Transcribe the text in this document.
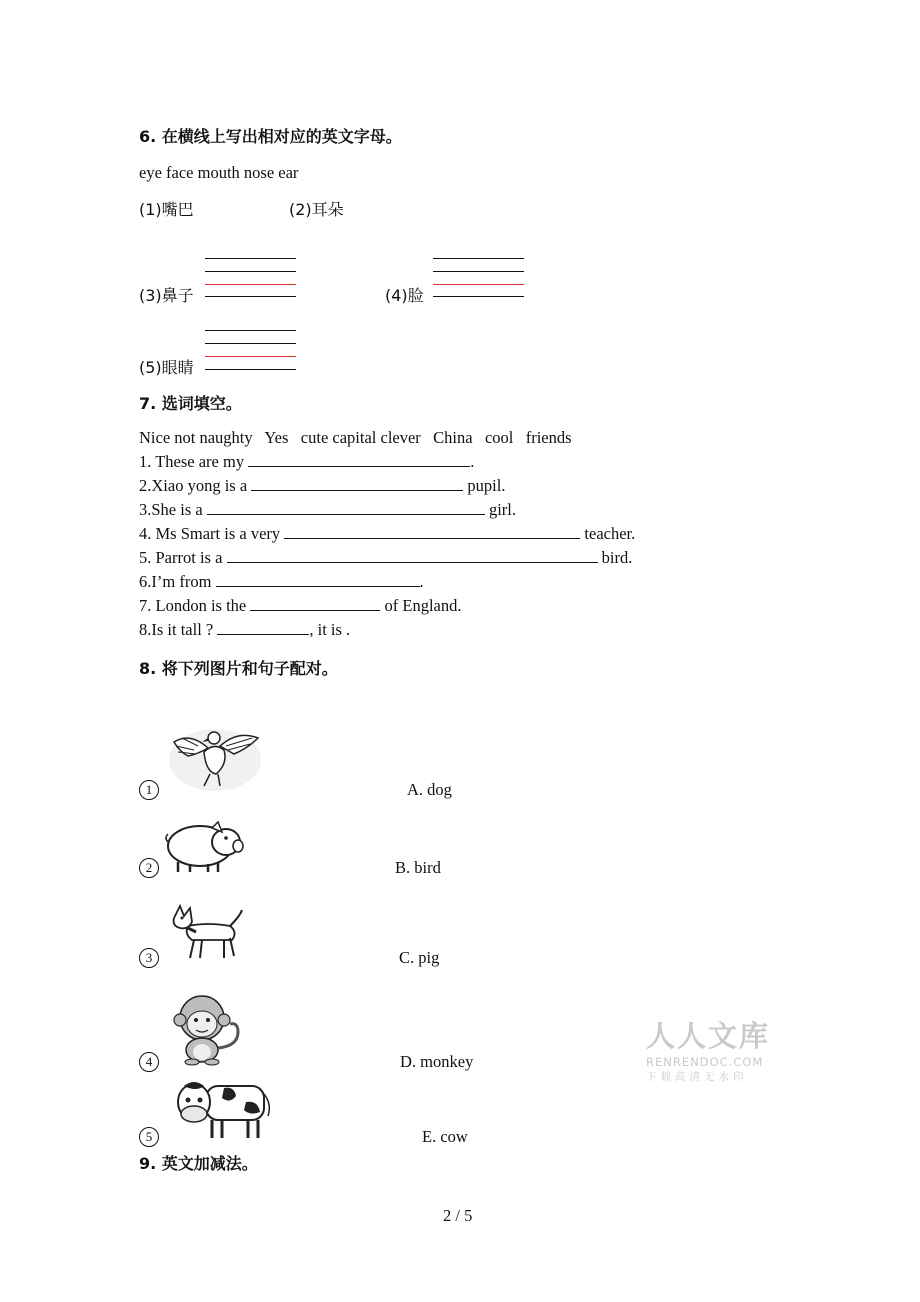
6. 在横线上写出相对应的英文字母。
eye face mouth nose ear
(1)嘴巴	(2)耳朵
(3)鼻子	(4)脸
(5)眼睛
7. 选词填空。
Nice not naughty   Yes   cute capital clever   China   cool   friends
1. These are my	.
2.Xiao yong is a	pupil.
3.She is a	girl.
4. Ms Smart is a very	teacher.
5. Parrot is a	bird.
6.I’m from	.
7. London is the	of England.
8.Is it tall ?	, it is .
8. 将下列图片和句子配对。
1	A. dog
2	B. bird
3	C. pig
4	D. monkey
5	E. cow
9. 英文加减法。
人人文库
RENRENDOC.COM
下载高清无水印
2 / 5
